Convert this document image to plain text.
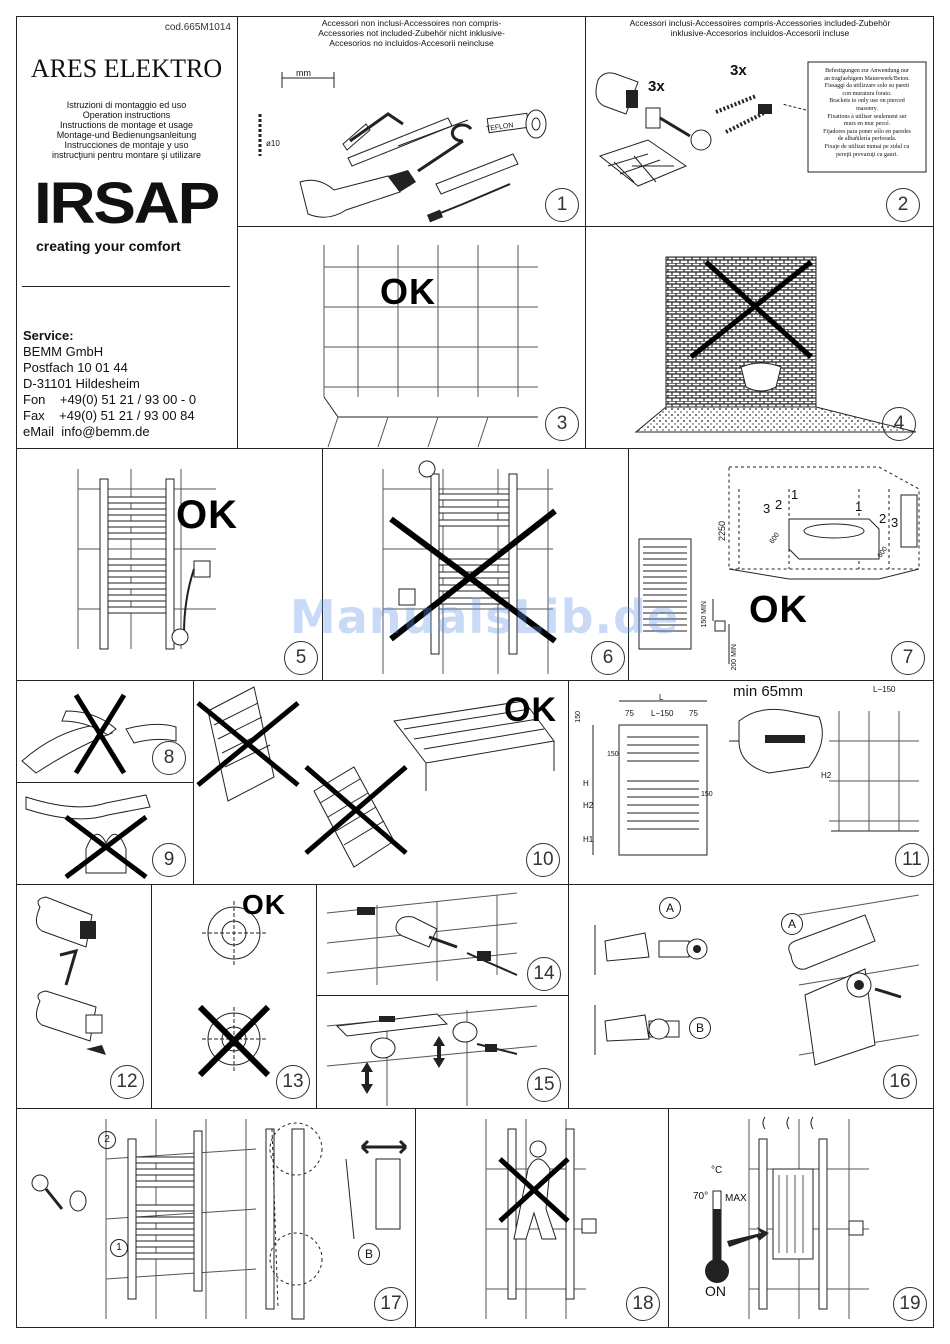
cod.665M1014
ARES ELEKTRO
Istruzioni di montaggio ed uso
Operation instructions
Instructions de montage et usage
Montage-und Bedienungsanleitung
Instrucciones de montaje y uso
instrucţiuni pentru montare şi utilizare
IRSAP
creating your comfort
Service:
BEMM GmbH
Postfach 10 01 44
D-31101 Hildesheim
Fon    +49(0) 51 21 / 93 00 - 0
Fax    +49(0) 51 21 / 93 00 84
eMail  info@bemm.de
Accessori non inclusi-Accessoires non compris-
Accessories not included-Zubehör nicht inklusive-
Accesorios no incluidos-Accesorii neincluse
mm
ø10
TEFLON
1
Accessori inclusi-Accessoires compris-Accessories included-Zubehör
inklusive-Accesorios incluidos-Accesorii incluse
3x
3x	Befestigungen zur Anwendung nur
an tragfaehigem Mauerwerk/Beton.
Fissaggi da utilizzare solo su pareti
con muratura forato.
Brackets to only use on pierced
masonry.
Fixations à utiliser seulement sur
murs en mur percé.
Fijadores para poner sólo en paredes
de albañilería perforada.
Fixaje de utilizat numai pe zidul cu
pereţii prevazuţi cu gauri.
2
OK
3	4
OK
5	6
150 MIN
200 MIN
2250	600
600
1
1
2
2
3
3
OK
7
8
9
OK
10
min 65mm
L
L−150
L−150
75	75
150
150
150
H
H1
H2
H2
11
12
OK
13
14
15
A
B
A
16
2
1	B
17	18
°C
70° MAX
ON
19
ManualsLib.de
